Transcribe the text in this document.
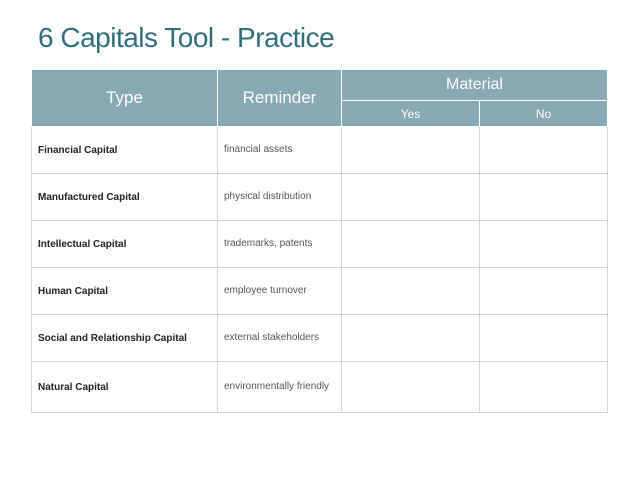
6 Capitals Tool - Practice
Type	Reminder	Material	
		Yes	No
Financial Capital	financial assets		
Manufactured Capital	physical distribution		
Intellectual Capital	trademarks, patents		
Human Capital	employee turnover		
Social and Relationship Capital	external stakeholders		
Natural Capital	environmentally friendly		
